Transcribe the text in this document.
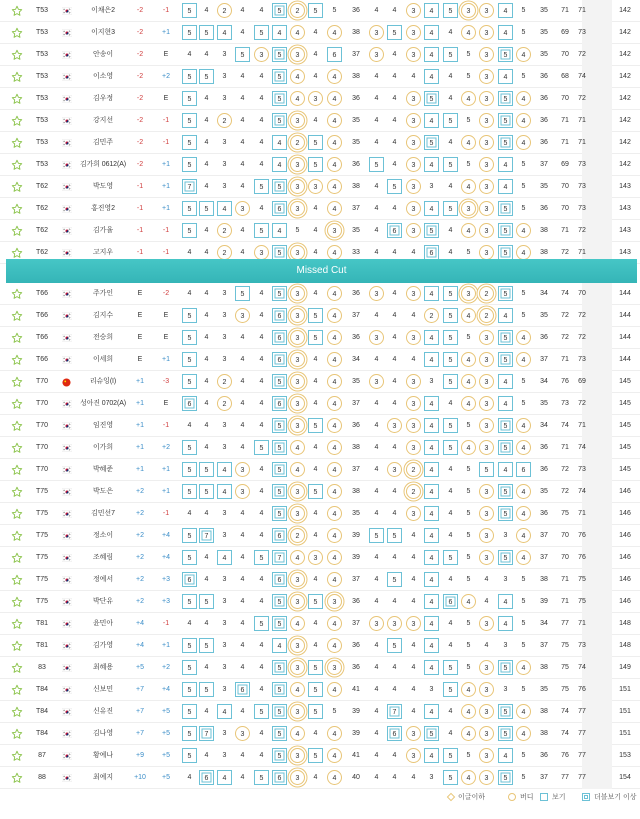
T53	이채은2	-2	-1	5	4	2	4	4	5	2	5	5	36	4	4	3	4	5	3	3	4	5	35	71	71	142
T53	이지현3	-2	+1	5	5	4	4	5	4	4	4	4	38	3	5	3	4	4	4	3	4	5	35	69	73	142
T53	안송이	-2	E	4	4	3	5	3	5	3	4	6	37	3	4	3	4	5	5	3	5	4	35	70	72	142
T53	이소영	-2	+2	5	5	3	4	4	5	4	4	4	38	4	4	4	4	4	5	3	4	5	36	68	74	142
T53	김우정	-2	E	5	4	3	4	4	5	4	3	4	36	4	4	3	5	4	4	3	5	4	36	70	72	142
T53	강지선	-2	-1	5	4	2	4	4	5	3	4	4	35	4	4	3	4	5	5	3	5	4	36	71	71	142
T53	김민주	-2	-1	5	4	3	4	4	4	2	5	4	35	4	4	3	5	4	4	3	5	4	36	71	71	142
T53	김가희 0612(A)	-2	+1	5	4	3	4	4	4	3	5	4	36	5	4	3	4	5	5	3	4	5	37	69	73	142
T62	박도영	-1	+1	7	4	3	4	5	5	3	3	4	38	4	5	3	3	4	4	3	4	5	35	70	73	143
T62	홍진영2	-1	+1	5	5	4	3	4	6	3	4	4	37	4	4	3	4	5	3	3	5	5	36	70	73	143
T62	김가율	-1	-1	5	4	2	4	5	4	5	4	3	35	4	6	3	5	4	4	3	5	4	38	71	72	143
T62	고지우	-1	-1	4	4	2	4	3	5	3	4	4	33	4	4	4	6	4	5	3	5	4	38	72	71	143
T66	주가인	E	-2	4	4	3	5	4	5	3	4	4	36	3	4	3	4	5	3	2	5	5	34	74	70	144
T66	김지수	E	E	5	4	3	3	4	6	3	5	4	37	4	4	4	2	5	4	2	4	5	35	72	72	144
T66	전승희	E	E	5	4	3	4	4	6	3	5	4	36	3	4	3	4	5	5	3	5	4	36	72	72	144
T66	이세희	E	+1	5	4	3	4	4	6	3	4	4	34	4	4	4	4	5	4	3	5	4	37	71	73	144
T70	리슈잉(I)	+1	-3	5	4	2	4	4	5	3	4	4	35	3	4	3	3	5	4	3	4	5	34	76	69	145
T70	성아진 0702(A)	+1	E	6	4	2	4	4	6	3	4	4	37	4	4	3	4	4	4	3	4	5	35	73	72	145
T70	임진영	+1	-1	4	4	3	4	4	5	3	5	4	36	4	3	3	4	5	5	3	5	4	34	74	71	145
T70	이가희	+1	+2	5	4	3	4	5	5	4	4	4	38	4	4	3	4	5	4	3	5	4	36	71	74	145
T70	박혜준	+1	+1	5	5	4	3	4	5	4	4	4	37	4	3	2	4	4	5	5	4	6	36	72	73	145
T75	박도은	+2	+1	5	5	4	3	4	5	3	5	4	38	4	4	2	4	4	5	3	5	4	35	72	74	146
T75	김민선7	+2	-1	4	4	3	4	4	5	3	4	4	35	4	4	3	4	4	5	3	5	4	36	75	71	146
T75	정소이	+2	+4	5	7	3	4	4	6	2	4	4	39	5	5	4	4	4	5	3	3	4	37	70	76	146
T75	조혜림	+2	+4	5	4	4	4	5	7	4	3	4	39	4	4	4	4	5	5	3	5	4	37	70	76	146
T75	정예서	+2	+3	6	4	3	4	4	6	3	4	4	37	4	5	4	4	4	5	4	3	5	38	71	75	146
T75	박단유	+2	+3	5	5	3	4	4	5	3	5	3	36	4	4	4	4	6	4	4	4	5	39	71	75	146
T81	윤민아	+4	-1	4	4	3	4	5	5	4	4	4	37	3	3	3	4	4	5	3	4	5	34	77	71	148
T81	김가영	+4	+1	5	5	3	4	4	4	3	4	4	36	4	5	4	4	4	5	4	3	5	37	75	73	148
83	최혜용	+5	+2	5	4	3	4	4	5	3	5	3	36	4	4	4	4	5	5	3	5	4	38	75	74	149
T84	신보민	+7	+4	5	5	3	6	4	5	4	5	4	41	4	4	4	3	5	4	3	3	5	35	75	76	151
T84	신유진	+7	+5	5	4	4	4	5	5	3	5	5	39	4	7	4	4	4	4	3	5	4	38	74	77	151
T84	김나영	+7	+5	5	7	3	3	4	5	4	4	4	39	4	6	3	5	4	4	3	5	4	38	74	77	151
87	황예나	+9	+5	5	4	3	4	4	5	3	5	4	41	4	4	3	4	5	5	3	4	5	36	76	77	153
88	최예지	+10	+5	4	6	4	4	5	6	3	4	4	40	4	4	4	3	5	4	3	5	5	37	77	77	154
Missed Cut
이글이하	버디	보기	더블보기 이상
